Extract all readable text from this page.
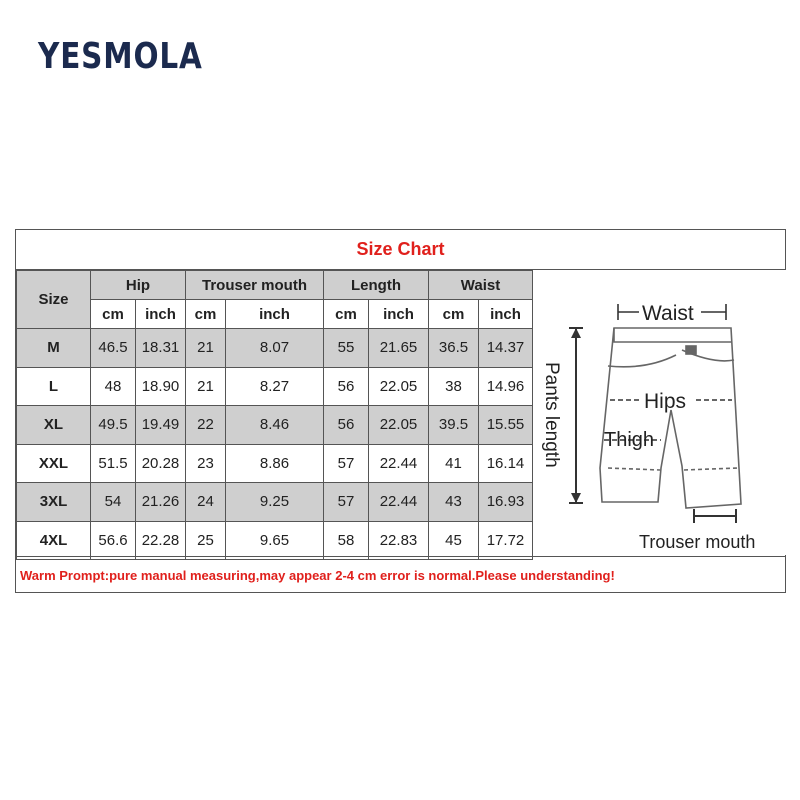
YESMOLA
Size Chart
Size	Hip		Trouser mouth		Length		Waist	
	cm	inch	cm	inch	cm	inch	cm	inch
M	46.5	18.31	21	8.07	55	21.65	36.5	14.37
L	48	18.90	21	8.27	56	22.05	38	14.96
XL	49.5	19.49	22	8.46	56	22.05	39.5	15.55
XXL	51.5	20.28	23	8.86	57	22.44	41	16.14
3XL	54	21.26	24	9.25	57	22.44	43	16.93
4XL	56.6	22.28	25	9.65	58	22.83	45	17.72
Pants length
Waist
Hips
Thigh
Trouser mouth
Warm Prompt:pure manual measuring,may appear 2-4 cm error is normal.Please understanding!
